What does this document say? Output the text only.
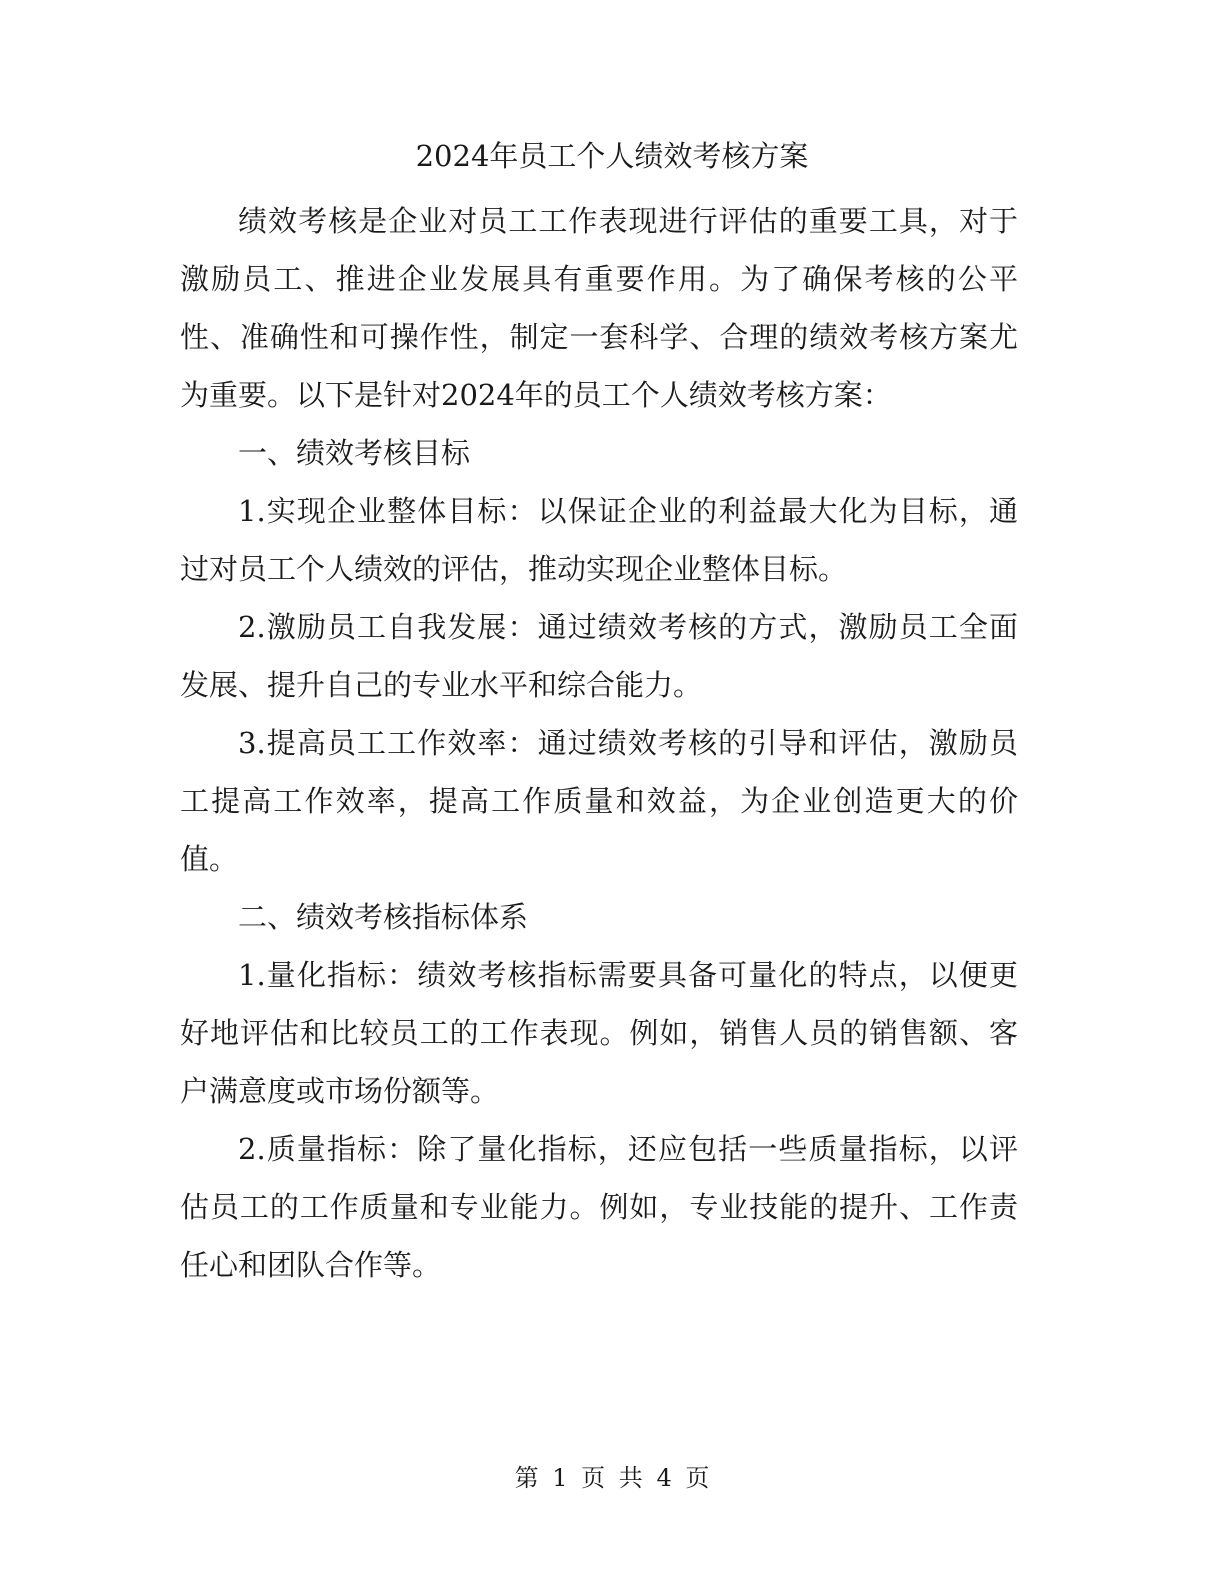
2024年员工个人绩效考核方案

绩效考核是企业对员工工作表现进行评估的重要工具，对于激励员工、推进企业发展具有重要作用。为了确保考核的公平性、准确性和可操作性，制定一套科学、合理的绩效考核方案尤为重要。以下是针对2024年的员工个人绩效考核方案：

一、绩效考核目标

1.实现企业整体目标：以保证企业的利益最大化为目标，通过对员工个人绩效的评估，推动实现企业整体目标。

2.激励员工自我发展：通过绩效考核的方式，激励员工全面发展、提升自己的专业水平和综合能力。

3.提高员工工作效率：通过绩效考核的引导和评估，激励员工提高工作效率，提高工作质量和效益，为企业创造更大的价值。

二、绩效考核指标体系

1.量化指标：绩效考核指标需要具备可量化的特点，以便更好地评估和比较员工的工作表现。例如，销售人员的销售额、客户满意度或市场份额等。

2.质量指标：除了量化指标，还应包括一些质量指标，以评估员工的工作质量和专业能力。例如，专业技能的提升、工作责任心和团队合作等。

第 1 页 共 4 页
